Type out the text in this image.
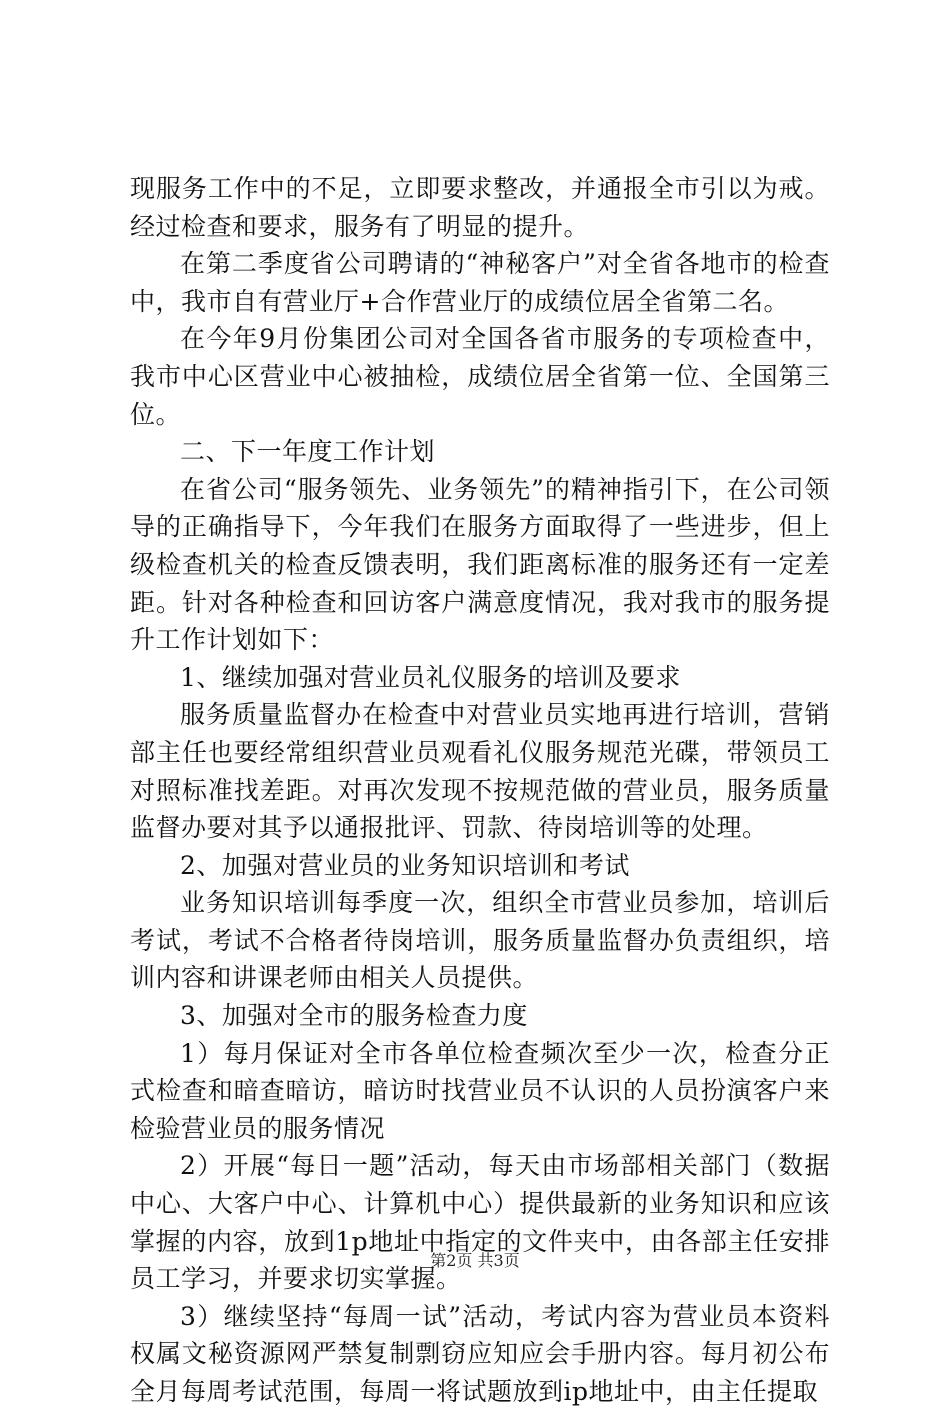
现服务工作中的不足，立即要求整改，并通报全市引以为戒。经过检查和要求，服务有了明显的提升。

在第二季度省公司聘请的“神秘客户”对全省各地市的检查中，我市自有营业厅+合作营业厅的成绩位居全省第二名。

在今年9月份集团公司对全国各省市服务的专项检查中，我市中心区营业中心被抽检，成绩位居全省第一位、全国第三位。

二、下一年度工作计划

在省公司“服务领先、业务领先”的精神指引下，在公司领导的正确指导下，今年我们在服务方面取得了一些进步，但上级检查机关的检查反馈表明，我们距离标准的服务还有一定差距。针对各种检查和回访客户满意度情况，我对我市的服务提升工作计划如下：

1、继续加强对营业员礼仪服务的培训及要求

服务质量监督办在检查中对营业员实地再进行培训，营销部主任也要经常组织营业员观看礼仪服务规范光碟，带领员工对照标准找差距。对再次发现不按规范做的营业员，服务质量监督办要对其予以通报批评、罚款、待岗培训等的处理。

2、加强对营业员的业务知识培训和考试

业务知识培训每季度一次，组织全市营业员参加，培训后考试，考试不合格者待岗培训，服务质量监督办负责组织，培训内容和讲课老师由相关人员提供。

3、加强对全市的服务检查力度

1）每月保证对全市各单位检查频次至少一次，检查分正式检查和暗查暗访，暗访时找营业员不认识的人员扮演客户来检验营业员的服务情况

2）开展“每日一题”活动，每天由市场部相关部门（数据中心、大客户中心、计算机中心）提供最新的业务知识和应该掌握的内容，放到1p地址中指定的文件夹中，由各部主任安排员工学习，并要求切实掌握。

3）继续坚持“每周一试”活动，考试内容为营业员本资料权属文秘资源网严禁复制剽窃应知应会手册内容。每月初公布全月每周考试范围，每周一将试题放到ip地址中，由主任提取

第2页 共3页
